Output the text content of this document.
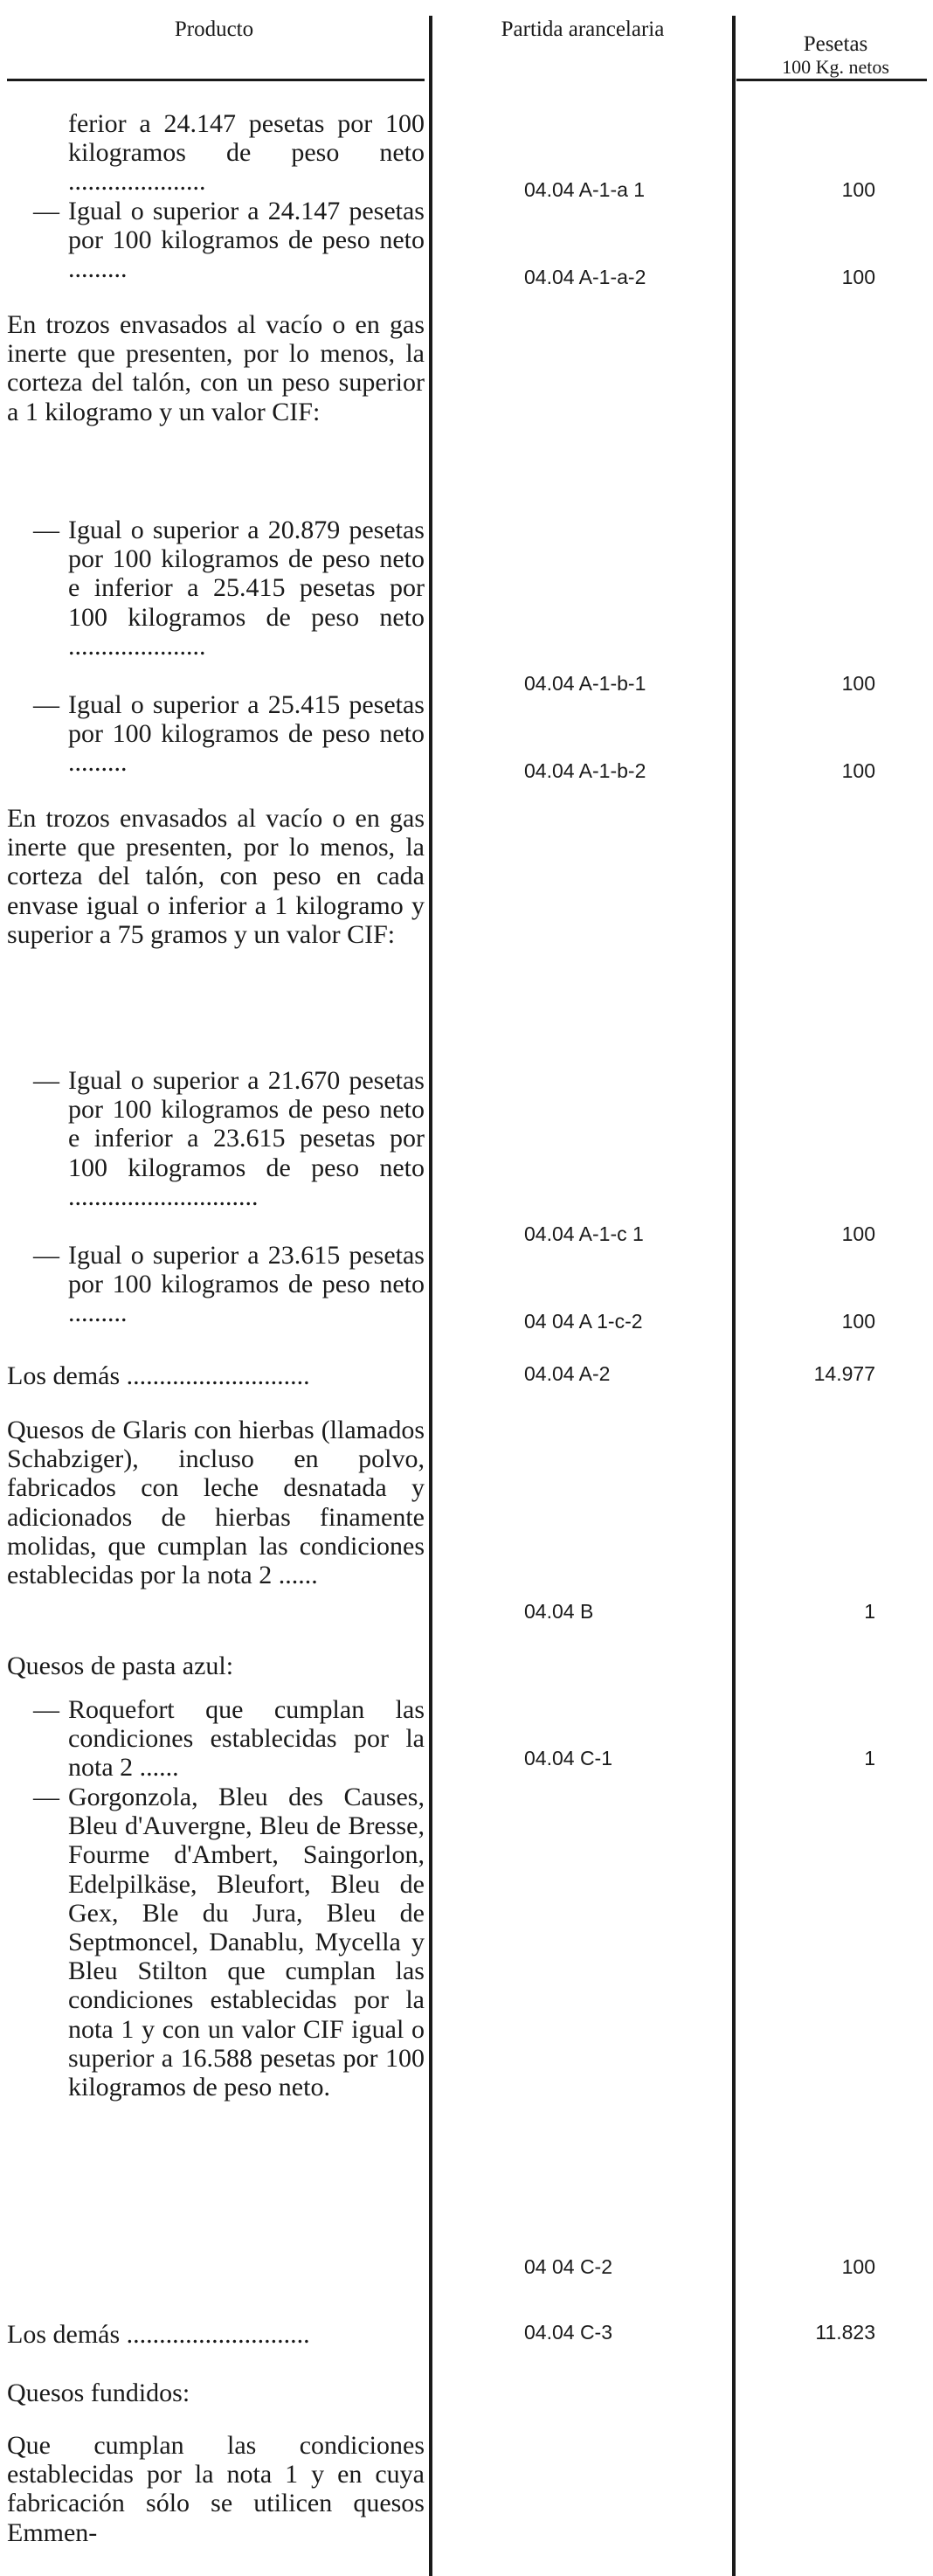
Producto	Partida arancelaria
Pesetas
100 Kg. netos
ferior a 24.147 pesetas por 100 kilogramos de peso neto .....................	04.04 A-1-a 1	100
— Igual o superior a 24.147 pesetas por 100 kilogramos de peso neto .........	04.04 A-1-a-2	100
En trozos envasados al vacío o en gas inerte que presenten, por lo menos, la corteza del talón, con un peso superior a 1 kilogramo y un valor CIF:
— Igual o superior a 20.879 pesetas por 100 kilogramos de peso neto e inferior a 25.415 pesetas por 100 kilogramos de peso neto .....................
04.04 A-1-b-1	100
— Igual o superior a 25.415 pesetas por 100 kilogramos de peso neto .........	04.04 A-1-b-2	100
En trozos envasados al vacío o en gas inerte que presenten, por lo menos, la corteza del talón, con peso en cada envase igual o inferior a 1 kilogramo y superior a 75 gramos y un valor CIF:
— Igual o superior a 21.670 pesetas por 100 kilogramos de peso neto e inferior a 23.615 pesetas por 100 kilogramos de peso neto .............................
04.04 A-1-c 1	100
— Igual o superior a 23.615 pesetas por 100 kilogramos de peso neto .........	04 04 A 1-c-2	100
Los demás ............................	04.04 A-2	14.977
Quesos de Glaris con hierbas (llamados Schabziger), incluso en polvo, fabricados con leche desnatada y adicionados de hierbas finamente molidas, que cumplan las condiciones establecidas por la nota 2 ......
04.04 B	1
Quesos de pasta azul:
— Roquefort que cumplan las condiciones establecidas por la nota 2 ......	04.04 C-1	1
— Gorgonzola, Bleu des Causes, Bleu d'Auvergne, Bleu de Bresse, Fourme d'Ambert, Saingorlon, Edelpilkäse, Bleufort, Bleu de Gex, Ble du Jura, Bleu de Septmoncel, Danablu, Mycella y Bleu Stilton que cumplan las condiciones establecidas por la nota 1 y con un valor CIF igual o superior a 16.588 pesetas por 100 kilogramos de peso neto.
04 04 C-2	100
Los demás ............................	04.04 C-3	11.823
Quesos fundidos:
Que cumplan las condiciones establecidas por la nota 1 y en cuya fabricación sólo se utilicen quesos Emmen-
